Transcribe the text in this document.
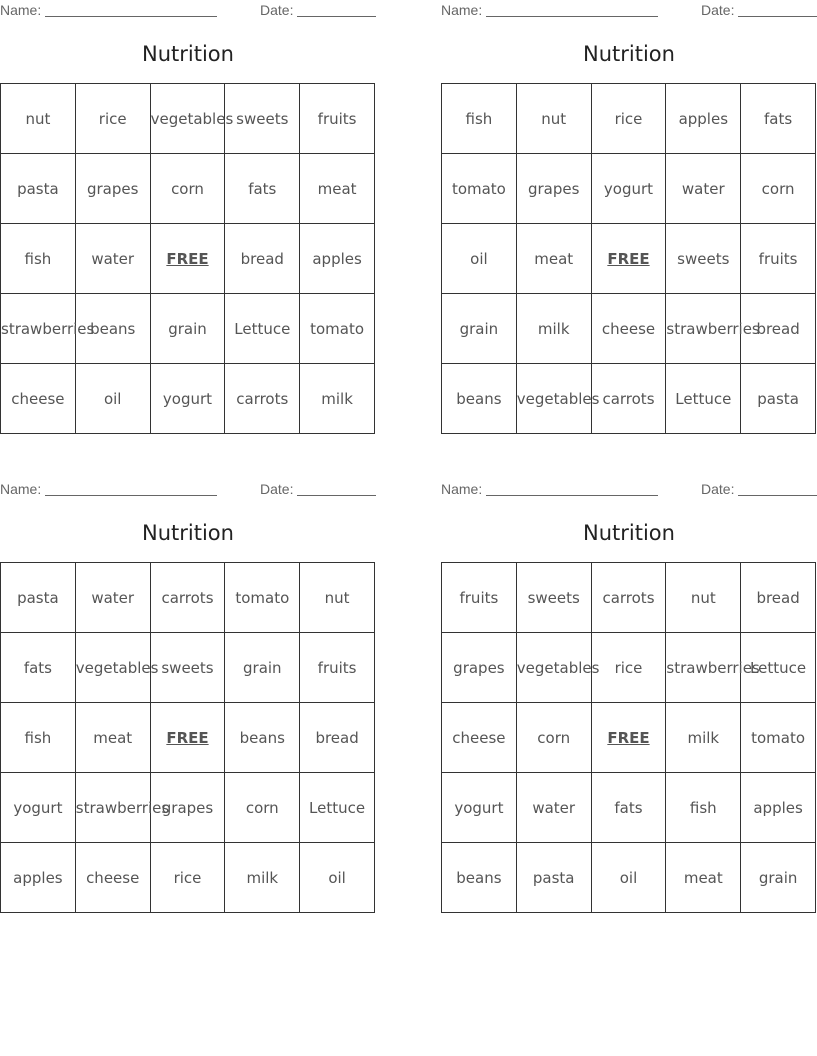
Name:	Date:
Nutrition
nut	rice	vegetables	sweets	fruits
pasta	grapes	corn	fats	meat
fish	water	FREE	bread	apples
strawberries	beans	grain	Lettuce	tomato
cheese	oil	yogurt	carrots	milk
Name:	Date:
Nutrition
fish	nut	rice	apples	fats
tomato	grapes	yogurt	water	corn
oil	meat	FREE	sweets	fruits
grain	milk	cheese	strawberries	bread
beans	vegetables	carrots	Lettuce	pasta
Name:	Date:
Nutrition
pasta	water	carrots	tomato	nut
fats	vegetables	sweets	grain	fruits
fish	meat	FREE	beans	bread
yogurt	strawberries	grapes	corn	Lettuce
apples	cheese	rice	milk	oil
Name:	Date:
Nutrition
fruits	sweets	carrots	nut	bread
grapes	vegetables	rice	strawberries	Lettuce
cheese	corn	FREE	milk	tomato
yogurt	water	fats	fish	apples
beans	pasta	oil	meat	grain
